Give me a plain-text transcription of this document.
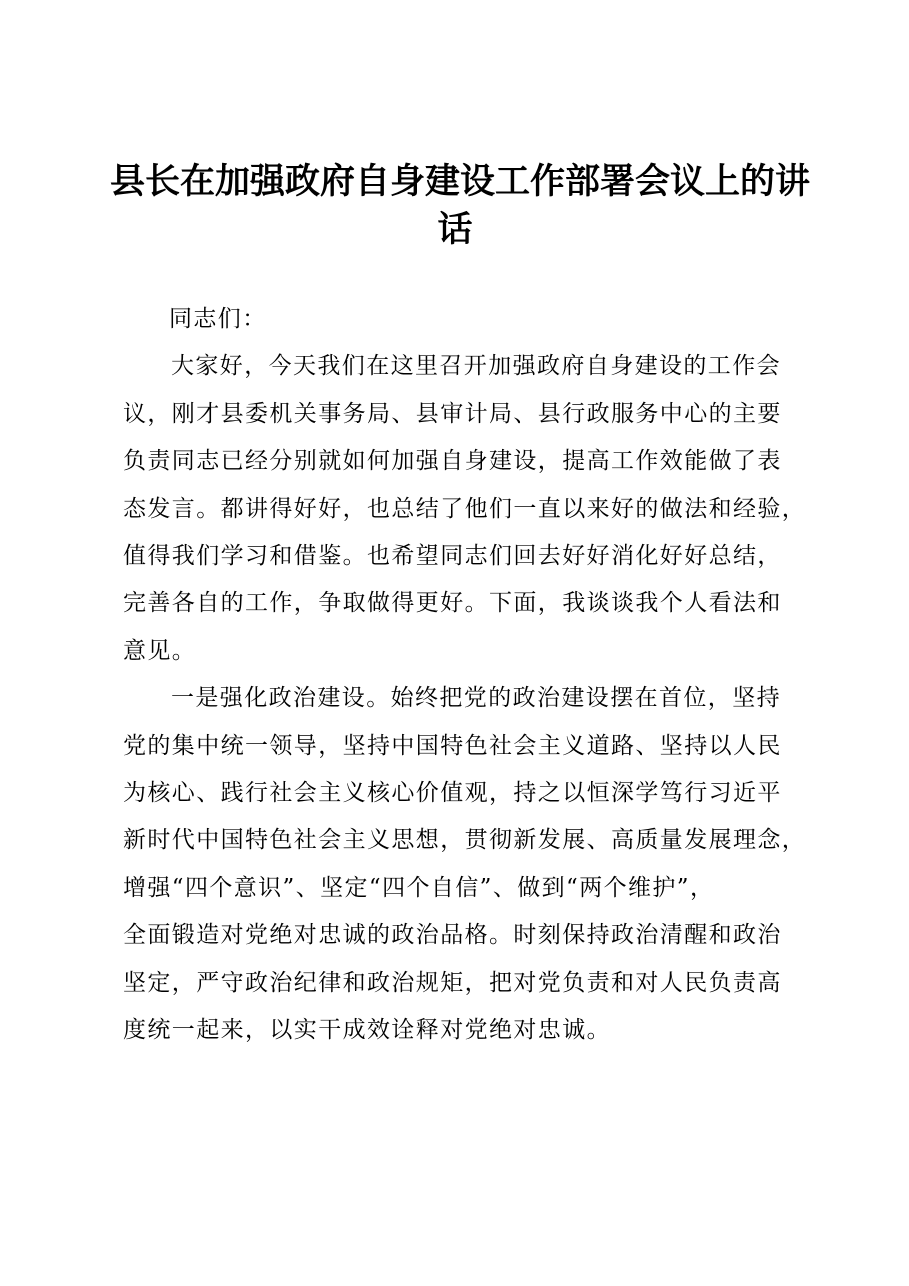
县长在加强政府自身建设工作部署会议上的讲
话

同志们：

大家好，今天我们在这里召开加强政府自身建设的工作会
议，刚才县委机关事务局、县审计局、县行政服务中心的主要
负责同志已经分别就如何加强自身建设，提高工作效能做了表
态发言。都讲得好好，也总结了他们一直以来好的做法和经验，
值得我们学习和借鉴。也希望同志们回去好好消化好好总结，
完善各自的工作，争取做得更好。下面，我谈谈我个人看法和
意见。

一是强化政治建设。始终把党的政治建设摆在首位，坚持
党的集中统一领导，坚持中国特色社会主义道路、坚持以人民
为核心、践行社会主义核心价值观，持之以恒深学笃行习近平
新时代中国特色社会主义思想，贯彻新发展、高质量发展理念，
增强“四个意识”、坚定“四个自信”、做到“两个维护”，
全面锻造对党绝对忠诚的政治品格。时刻保持政治清醒和政治
坚定，严守政治纪律和政治规矩，把对党负责和对人民负责高
度统一起来，以实干成效诠释对党绝对忠诚。
